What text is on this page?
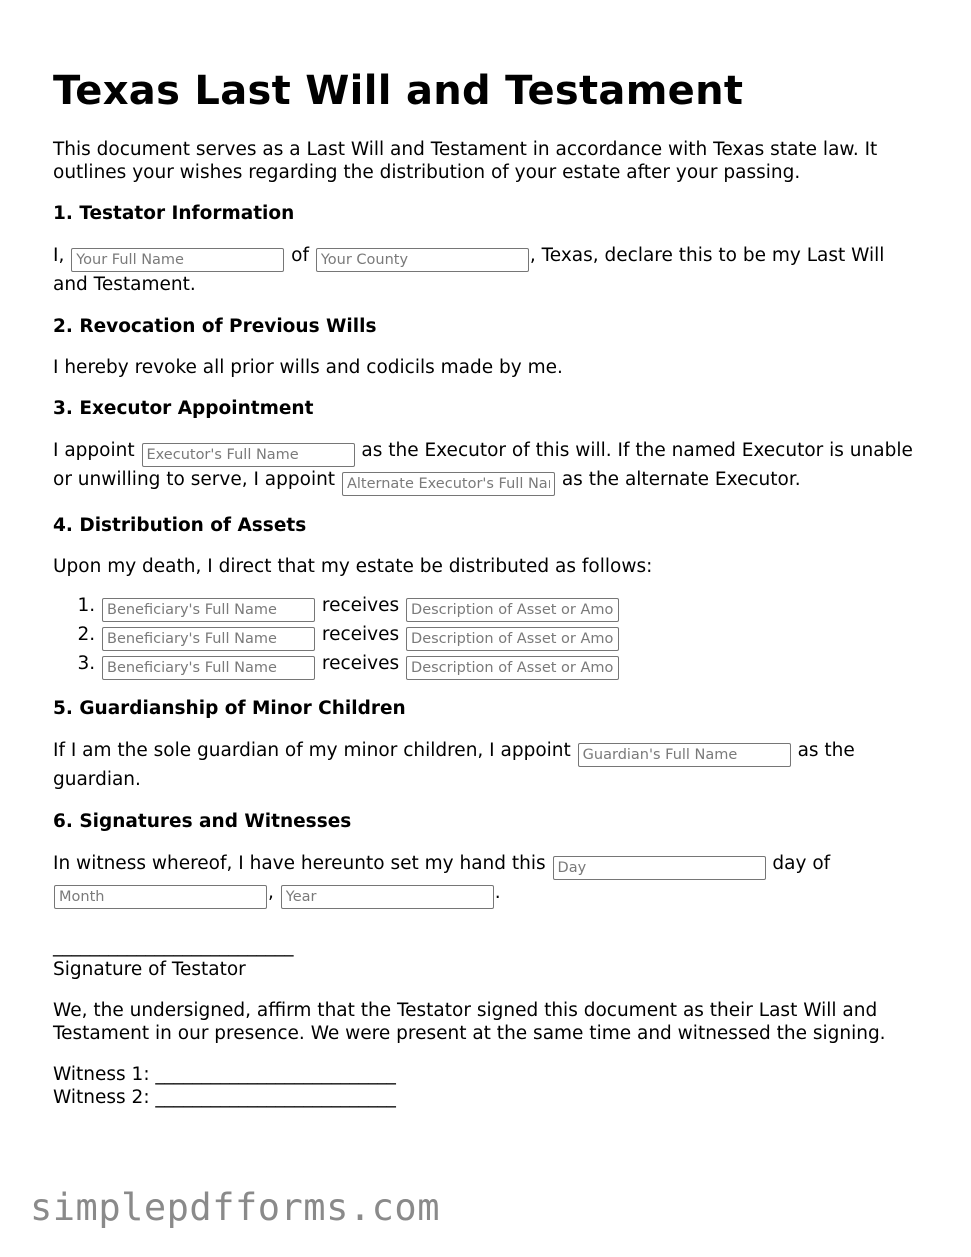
Texas Last Will and Testament

This document serves as a Last Will and Testament in accordance with Texas state law. It outlines your wishes regarding the distribution of your estate after your passing.

1. Testator Information

I, Your Full Name	of Your County	, Texas, declare this to be my Last Will and Testament.

2. Revocation of Previous Wills

I hereby revoke all prior wills and codicils made by me.

3. Executor Appointment

I appoint Executor's Full Name	as the Executor of this will. If the named Executor is unable or unwilling to serve, I appoint Alternate Executor's Full Name	as the alternate Executor.

4. Distribution of Assets

Upon my death, I direct that my estate be distributed as follows:

Beneficiary's Full Name 1. receives Description of Asset or Amount
Beneficiary's Full Name 2. receives Description of Asset or Amount
Beneficiary's Full Name 3. receives Description of Asset or Amount
5. Guardianship of Minor Children

If I am the sole guardian of my minor children, I appoint Guardian's Full Name	as the guardian.

6. Signatures and Witnesses

In witness whereof, I have hereunto set my hand this Day	day of Month, Year	.

__________________________
Signature of Testator

We, the undersigned, affirm that the Testator signed this document as their Last Will and Testament in our presence. We were present at the same time and witnessed the signing.

Witness 1: __________________________
Witness 2: __________________________
simplepdfforms.com
